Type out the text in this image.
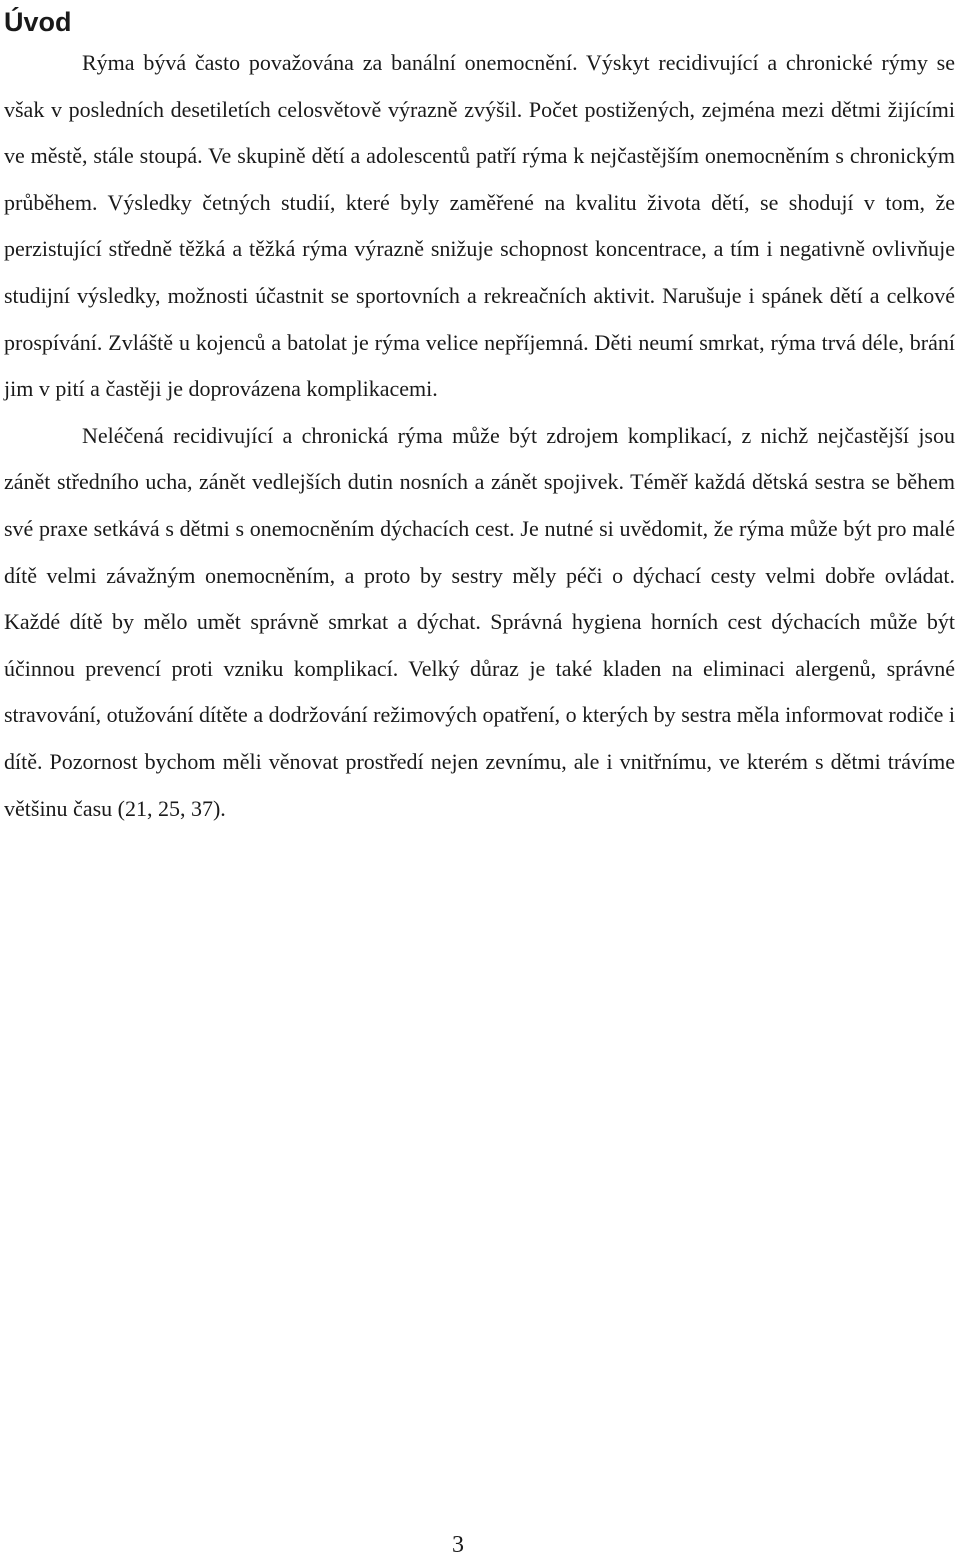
Úvod

Rýma bývá často považována za banální onemocnění. Výskyt recidivující a chronické rýmy se však v posledních desetiletích celosvětově výrazně zvýšil. Počet postižených, zejména mezi dětmi žijícími ve městě, stále stoupá. Ve skupině dětí a adolescentů patří rýma k nejčastějším onemocněním s chronickým průběhem. Výsledky četných studií, které byly zaměřené na kvalitu života dětí, se shodují v tom, že perzistující středně těžká a těžká rýma výrazně snižuje schopnost koncentrace, a tím i negativně ovlivňuje studijní výsledky, možnosti účastnit se sportovních a rekreačních aktivit. Narušuje i spánek dětí a celkové prospívání. Zvláště u kojenců a batolat je rýma velice nepříjemná. Děti neumí smrkat, rýma trvá déle, brání jim v pití a častěji je doprovázena komplikacemi.

Neléčená recidivující a chronická rýma může být zdrojem komplikací, z nichž nejčastější jsou zánět středního ucha, zánět vedlejších dutin nosních a zánět spojivek. Téměř každá dětská sestra se během své praxe setkává s dětmi s onemocněním dýchacích cest. Je nutné si uvědomit, že rýma může být pro malé dítě velmi závažným onemocněním, a proto by sestry měly péči o dýchací cesty velmi dobře ovládat. Každé dítě by mělo umět správně smrkat a dýchat. Správná hygiena horních cest dýchacích může být účinnou prevencí proti vzniku komplikací. Velký důraz je také kladen na eliminaci alergenů, správné stravování, otužování dítěte a dodržování režimových opatření, o kterých by sestra měla informovat rodiče i dítě. Pozornost bychom měli věnovat prostředí nejen zevnímu, ale i vnitřnímu, ve kterém s dětmi trávíme většinu času (21, 25, 37).

3
